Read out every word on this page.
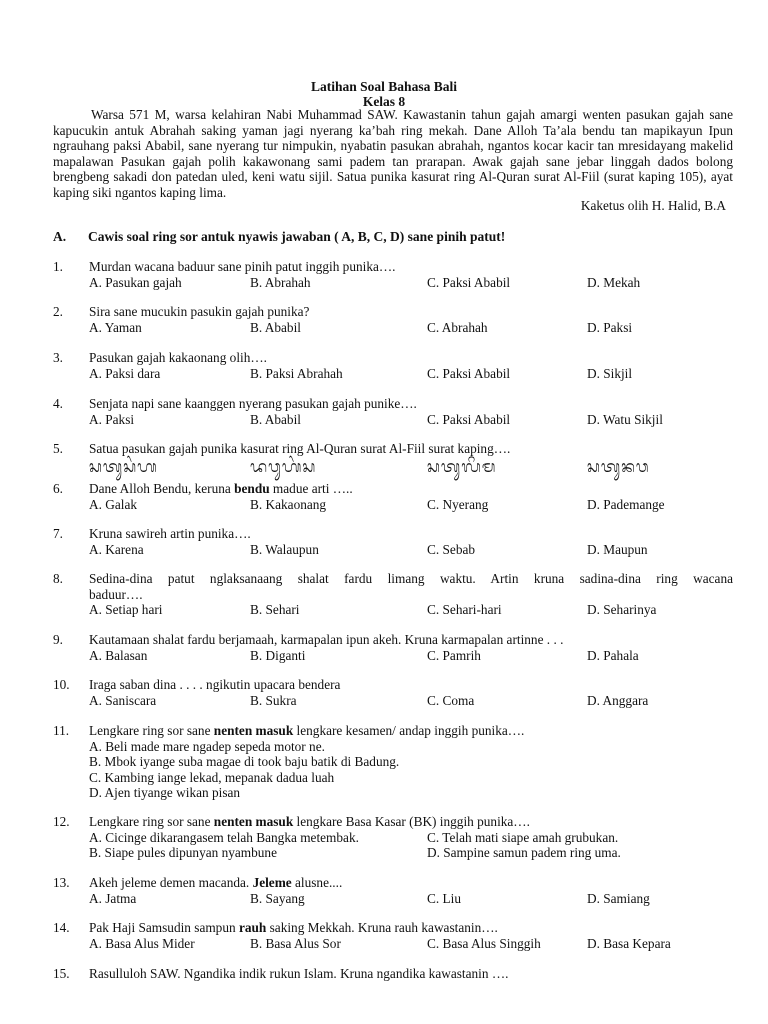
Latihan Soal Bahasa Bali
Kelas 8

Warsa 571 M, warsa kelahiran Nabi Muhammad SAW. Kawastanin tahun gajah amargi wenten pasukan gajah sane kapucukin antuk Abrahah saking yaman jagi nyerang ka’bah ring mekah. Dane Alloh Ta’ala bendu tan mapikayun Ipun ngrauhang paksi Ababil, sane nyerang tur nimpukin, nyabatin pasukan abrahah, ngantos kocar kacir tan mresidayang makelid mapalawan Pasukan gajah polih kakawonang sami padem tan prarapan. Awak gajah sane jebar linggah dados bolong brengbeng sakadi don patedan uled, keni watu sijil. Satua punika kasurat ring Al-Quran surat Al-Fiil (surat kaping 105), ayat kaping siki ngantos kaping lima.

Kaketus olih H. Halid, B.A
A. Cawis soal ring sor antuk nyawis jawaban ( A, B, C, D) sane pinih patut!
1. Murdan wacana baduur sane pinih patut inggih punika….
A. Pasukan gajah	B. Abrahah	C. Paksi Ababil	D. Mekah
2. Sira sane mucukin pasukin gajah punika?
A. Yaman	B. Ababil	C. Abrahah	D. Paksi
3. Pasukan gajah kakaonang olih….
A. Paksi dara	B. Paksi Abrahah	C. Paksi Ababil	D. Sikjil
4. Senjata napi sane kaanggen nyerang pasukan gajah punike….
A. Paksi	B. Ababil	C. Paksi Ababil	D. Watu Sikjil
5. Satua pasukan gajah punika kasurat ring Al-Quran surat Al-Fiil surat kaping….
ᬲᬢᬸᬲᬂᬳ	ᬤᬯᬸᬳᬂᬲ	ᬲᬢᬸᬮᬶᬫ	ᬲᬢᬸᬦᬯ
6. Dane Alloh Bendu, keruna bendu madue arti …..
A. Galak	B. Kakaonang	C. Nyerang	D. Pademange
7. Kruna sawireh artin punika….
A. Karena	B. Walaupun	C. Sebab	D. Maupun
8. Sedina-dina patut nglaksanaang shalat fardu limang waktu. Artin kruna sadina-dina ring wacana
baduur….
A. Setiap hari	B. Sehari	C. Sehari-hari	D. Seharinya
9. Kautamaan shalat fardu berjamaah, karmapalan ipun akeh. Kruna karmapalan artinne . . .
A. Balasan	B. Diganti	C. Pamrih	D. Pahala
10. Iraga saban dina . . . . ngikutin upacara bendera
A. Saniscara	B. Sukra	C. Coma	D. Anggara
11. Lengkare ring sor sane nenten masuk lengkare kesamen/ andap inggih punika….
A. Beli made mare ngadep sepeda motor ne.
B. Mbok iyange suba magae di took baju batik di Badung.
C. Kambing iange lekad, mepanak dadua luah
D. Ajen tiyange wikan pisan
12. Lengkare ring sor sane nenten masuk lengkare Basa Kasar (BK) inggih punika….
A. Cicinge dikarangasem telah Bangka metembak.	C. Telah mati siape amah grubukan.
B. Siape pules dipunyan nyambune	D. Sampine samun padem ring uma.
13. Akeh jeleme demen macanda. Jeleme alusne....
A. Jatma	B. Sayang	C. Liu	D. Samiang
14. Pak Haji Samsudin sampun rauh saking Mekkah. Kruna rauh kawastanin….
A. Basa Alus Mider	B. Basa Alus Sor	C. Basa Alus Singgih	D. Basa Kepara
15. Rasulluloh SAW. Ngandika indik rukun Islam. Kruna ngandika kawastanin ….
